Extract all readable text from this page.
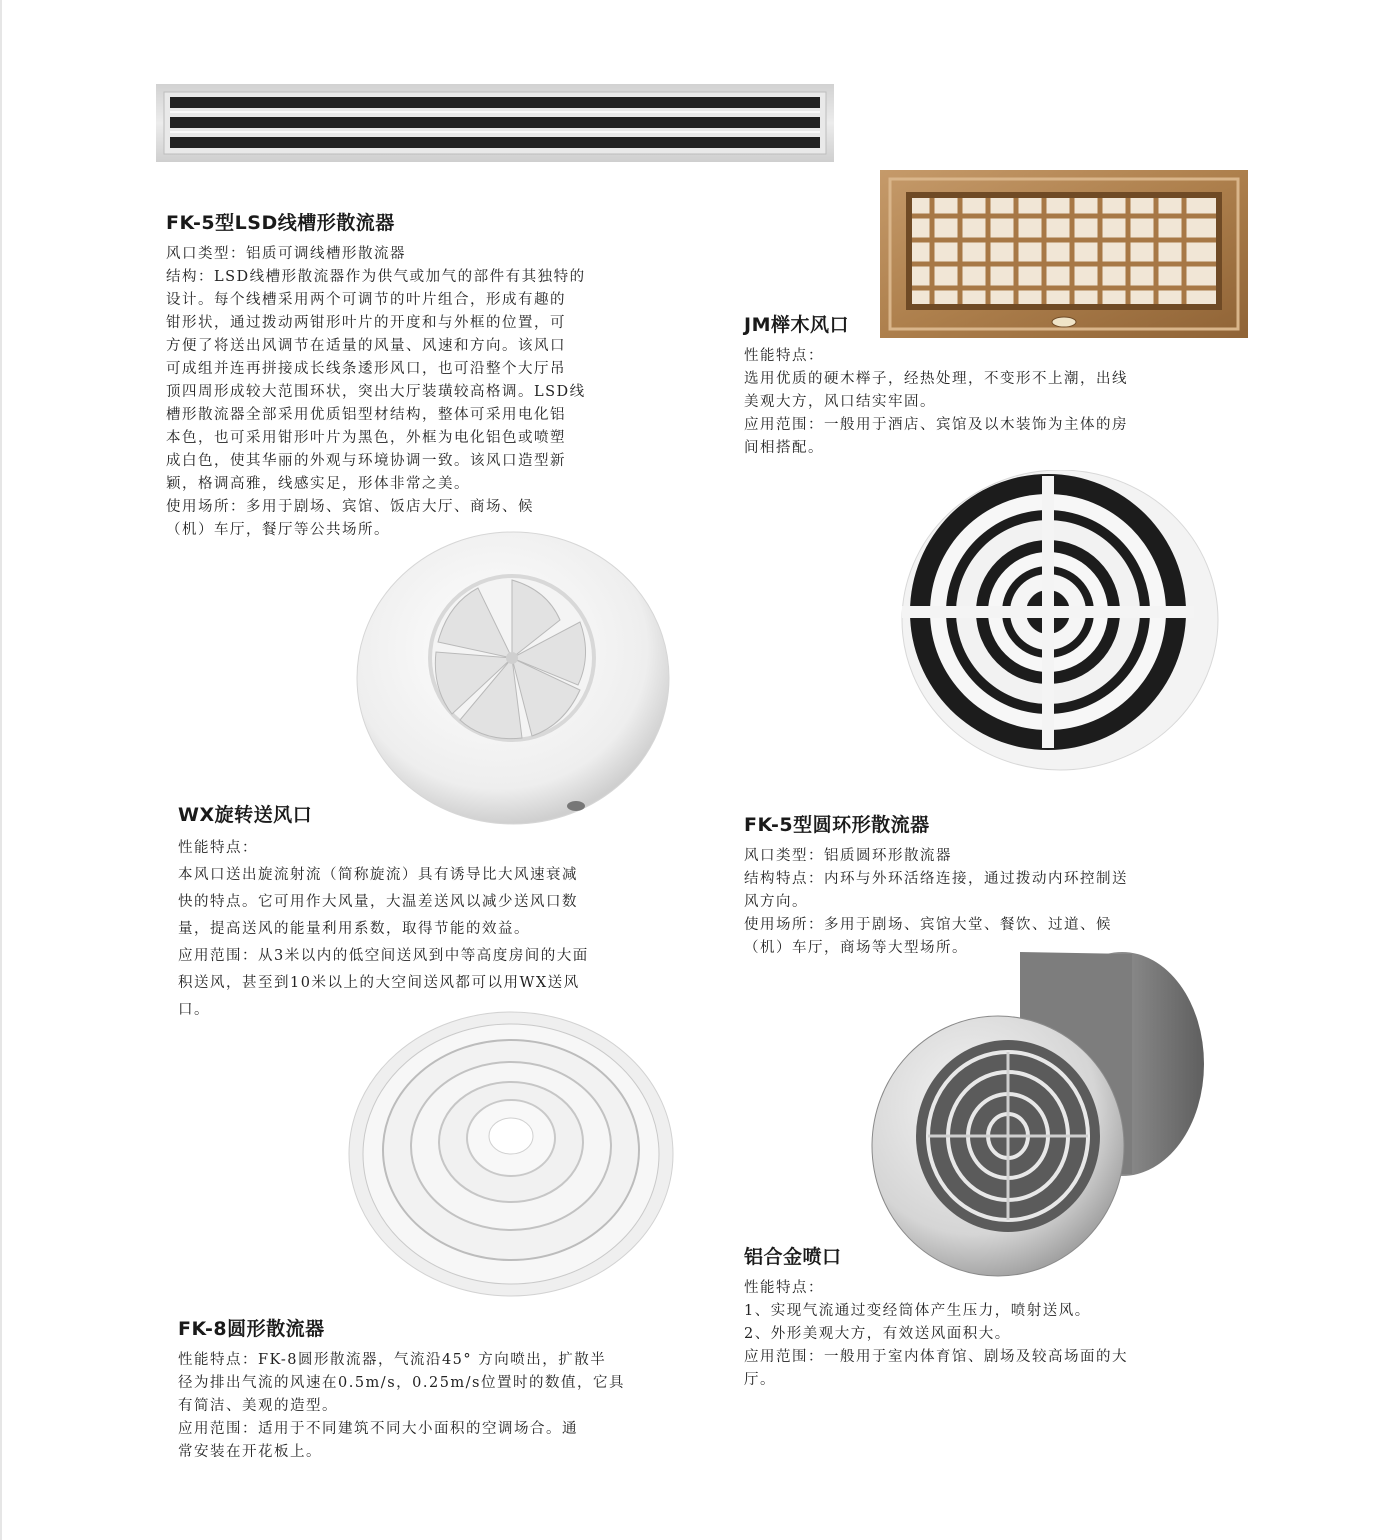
FK-5型LSD线槽形散流器

风口类型：铝质可调线槽形散流器

结构：LSD线槽形散流器作为供气或加气的部件有其独特的

设计。每个线槽采用两个可调节的叶片组合，形成有趣的

钳形状，通过拨动两钳形叶片的开度和与外框的位置，可

方便了将送出风调节在适量的风量、风速和方向。该风口

可成组并连再拼接成长线条逶形风口，也可沿整个大厅吊

顶四周形成较大范围环状，突出大厅装璜较高格调。LSD线

槽形散流器全部采用优质铝型材结构，整体可采用电化铝

本色，也可采用钳形叶片为黑色，外框为电化铝色或喷塑

成白色，使其华丽的外观与环境协调一致。该风口造型新

颖，格调高雅，线感实足，形体非常之美。

使用场所：多用于剧场、宾馆、饭店大厅、商场、候

（机）车厅，餐厅等公共场所。

JM榉木风口

性能特点：

选用优质的硬木榉子，经热处理，不变形不上潮，出线

美观大方，风口结实牢固。

应用范围：一般用于酒店、宾馆及以木装饰为主体的房

间相搭配。

WX旋转送风口

性能特点：

本风口送出旋流射流（简称旋流）具有诱导比大风速衰减

快的特点。它可用作大风量，大温差送风以减少送风口数

量，提高送风的能量利用系数，取得节能的效益。

应用范围：从3米以内的低空间送风到中等高度房间的大面

积送风，甚至到10米以上的大空间送风都可以用WX送风

口。

FK-5型圆环形散流器

风口类型：铝质圆环形散流器

结构特点：内环与外环活络连接，通过拨动内环控制送

风方向。

使用场所：多用于剧场、宾馆大堂、餐饮、过道、候

（机）车厅，商场等大型场所。

铝合金喷口

性能特点：

1、实现气流通过变经筒体产生压力，喷射送风。

2、外形美观大方，有效送风面积大。

应用范围：一般用于室内体育馆、剧场及较高场面的大

厅。

FK-8圆形散流器

性能特点：FK-8圆形散流器，气流沿45° 方向喷出，扩散半

径为排出气流的风速在0.5m/s，0.25m/s位置时的数值，它具

有简洁、美观的造型。

应用范围：适用于不同建筑不同大小面积的空调场合。通

常安装在开花板上。
